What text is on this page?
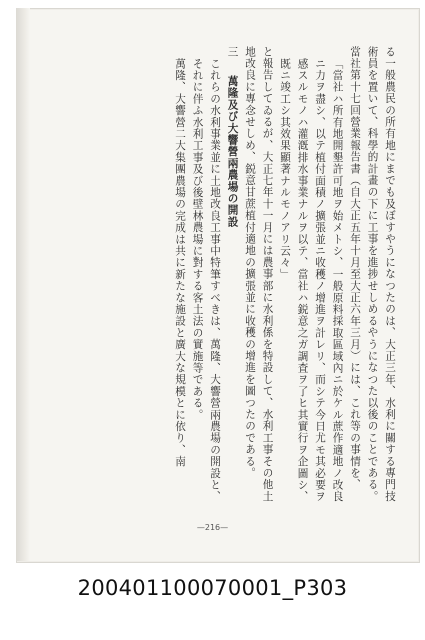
る一般農民の所有地にまでも及ぼすやうになつたのは、大正三年、水利に關する專門技術員を置いて、科學的計畫の下に工事を進捗せしめるやうになつた以後のことである。當社第十七回營業報告書（自大正五年十月至大正六年三月）には、これ等の事情を、

「當社ハ所有地開墾許可地ヲ始メトシ、一般原料採取區域內ニ於ケル蔗作適地ノ改良ニ力ヲ盡シ、以テ植付面積ノ擴張並ニ收穫ノ增進ヲ計レリ、而シテ今日尤モ其必要ヲ感スルモノハ灌漑排水事業ナルヲ以テ、當社ハ鋭意之ガ調査ヲ了ヒ其實行ヲ企圖シ、既ニ竣工シ其效果顯著ナルモノアリ云々」

と報告してゐるが、大正七年十一月には農事部に水利係を特設して、水利工事その他土地改良に專念せしめ、鋭意甘蔗植付適地の擴張並に收穫の增進を圖つたのである。

三萬隆及び大響營兩農場の開設

これらの水利事業並に土地改良工事中特筆すべきは、萬隆、大響營兩農場の開設と、それに伴ふ水利工事及び後壁林農場に對する客土法の實施等である。

萬隆、大響營二大集團農場の完成は共に新たな施設と廣大な規模とに依り、南

—216—
200401100070001_P303
